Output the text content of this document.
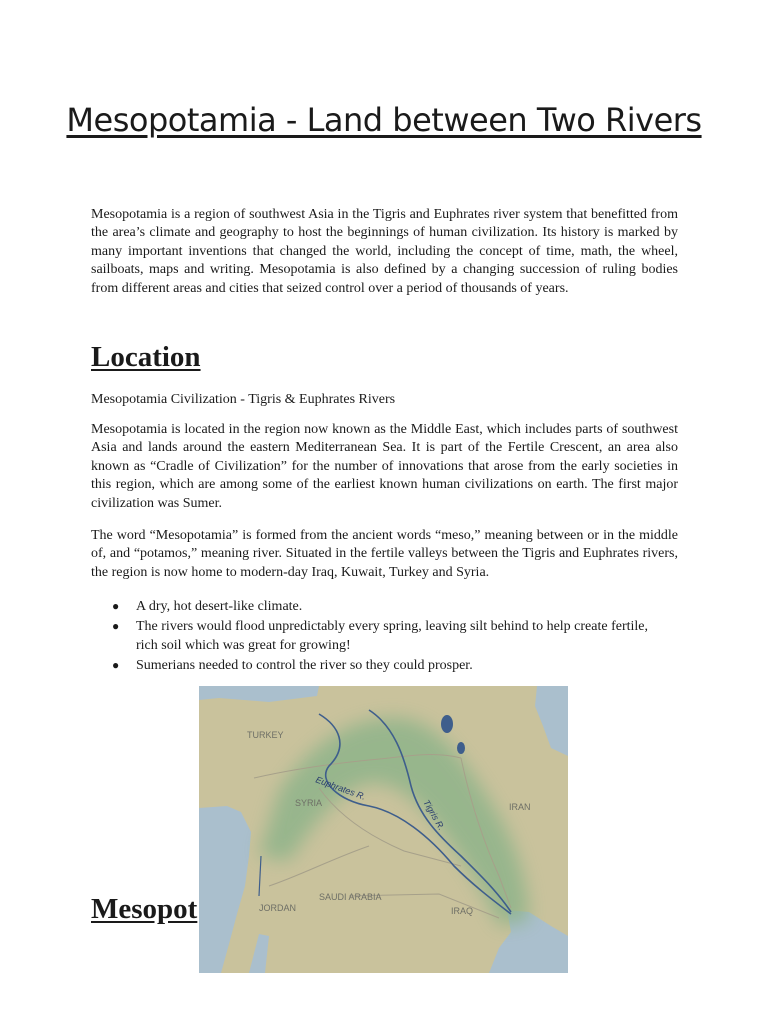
Mesopotamia - Land between Two Rivers

Mesopotamia is a region of southwest Asia in the Tigris and Euphrates river system that benefitted from the area’s climate and geography to host the beginnings of human civilization. Its history is marked by many important inventions that changed the world, including the concept of time, math, the wheel, sailboats, maps and writing. Mesopotamia is also defined by a changing succession of ruling bodies from different areas and cities that seized control over a period of thousands of years.

Location

Mesopotamia Civilization - Tigris & Euphrates Rivers

Mesopotamia is located in the region now known as the Middle East, which includes parts of southwest Asia and lands around the eastern Mediterranean Sea. It is part of the Fertile Crescent, an area also known as “Cradle of Civilization” for the number of innovations that arose from the early societies in this region, which are among some of the earliest known human civilizations on earth. The first major civilization was Sumer.

The word “Mesopotamia” is formed from the ancient words “meso,” meaning between or in the middle of, and “potamos,” meaning river. Situated in the fertile valleys between the Tigris and Euphrates rivers, the region is now home to modern-day Iraq, Kuwait, Turkey and Syria.

● A dry, hot desert-like climate.
● The rivers would flood unpredictably every spring, leaving silt behind to help create fertile, rich soil which was great for growing!
● Sumerians needed to control the river so they could prosper.
Mesopot
TURKEY
SYRIA	IRAN
JORDAN
SAUDI ARABIA
IRAQ
Euphrates R.
Tigris R.
